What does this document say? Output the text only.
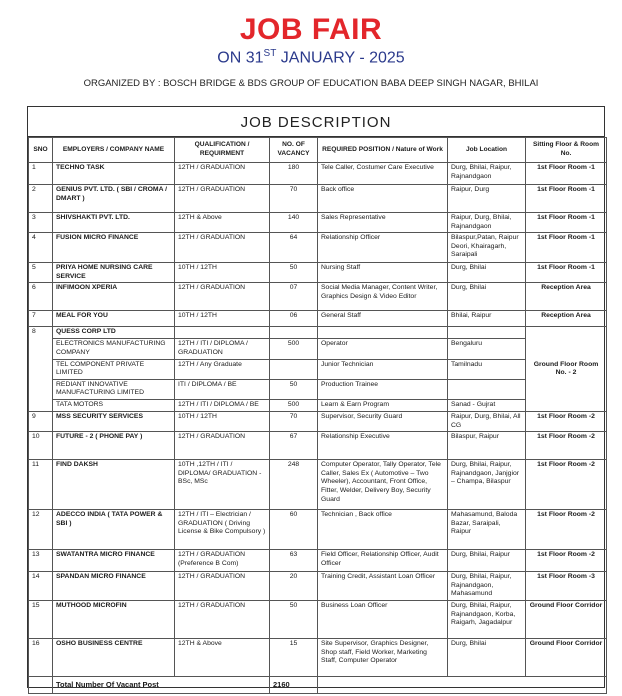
JOB FAIR
ON 31ST JANUARY - 2025
ORGANIZED BY : BOSCH BRIDGE & BDS GROUP OF EDUCATION BABA DEEP SINGH NAGAR, BHILAI
JOB DESCRIPTION
SNO	EMPLOYERS / COMPANY NAME	QUALIFICATION / REQUIRMENT	NO. OF VACANCY	REQUIRED POSITION / Nature of Work	Job Location	Sitting Floor & Room No.
1	TECHNO TASK	12TH / GRADUATION	180	Tele Caller, Costumer Care Executive	Durg, Bhilai, Raipur, Rajnandgaon	1st Floor Room -1
2	GENIUS PVT. LTD. ( SBI / CROMA / DMART )	12TH / GRADUATION	70	Back office	Raipur, Durg	1st Floor Room -1
3	SHIVSHAKTI PVT. LTD.	12TH & Above	140	Sales Representative	Raipur, Durg, Bhilai, Rajnandgaon	1st Floor Room -1
4	FUSION MICRO FINANCE	12TH / GRADUATION	64	Relationship Officer	Bilaspur,Patan, Raipur Deori, Khairagarh, Saraipali	1st Floor Room -1
5	PRIYA HOME NURSING CARE SERVICE	10TH / 12TH	50	Nursing Staff	Durg, Bhilai	1st Floor Room -1
6	INFIMOON XPERIA	12TH / GRADUATION	07	Social Media Manager, Content Writer, Graphics Design & Video Editor	Durg, Bhilai	Reception Area
7	MEAL FOR YOU	10TH / 12TH	06	General Staff	Bhilai, Raipur	Reception Area
8	QUESS CORP LTD					Ground Floor Room No. - 2
	ELECTRONICS MANUFACTURING COMPANY	12TH / ITI / DIPLOMA / GRADUATION	500	Operator	Bengaluru	
	TEL COMPONENT PRIVATE LIMITED	12TH / Any Graduate		Junior Technician	Tamilnadu	
	REDIANT INNOVATIVE MANUFACTURING LIMITED	ITI / DIPLOMA / BE	50	Production Trainee		
	TATA MOTORS	12TH / ITI / DIPLOMA / BE	500	Learn & Earn Program	Sanad - Gujrat	
9	MSS SECURITY SERVICES	10TH / 12TH	70	Supervisor, Security Guard	Raipur, Durg, Bhilai, All CG	1st Floor Room -2
10	FUTURE - 2 ( PHONE PAY )	12TH / GRADUATION	67	Relationship Executive	Bilaspur, Raipur	1st Floor Room -2
11	FIND DAKSH	10TH ,12TH / ITI / DIPLOMA/ GRADUATION - BSc, MSc	248	Computer Operator, Tally Operator, Tele Caller, Sales Ex ( Automotive – Two Wheeler), Accountant, Front Office, Fitter, Welder, Delivery Boy, Security Guard	Durg, Bhilai, Raipur, Rajnandgaon, Janjgior – Champa, Bilaspur	1st Floor Room -2
12	ADECCO INDIA ( TATA POWER & SBI )	12TH / ITI – Electrician / GRADUATION ( Driving License & Bike Compulsory )	60	Technician , Back office	Mahasamund, Baloda Bazar, Saraipali, Raipur	1st Floor Room -2
13	SWATANTRA MICRO FINANCE	12TH / GRADUATION (Preference B Com)	63	Field Officer, Relationship Officer, Audit Officer	Durg, Bhilai, Raipur	1st Floor Room -2
14	SPANDAN MICRO FINANCE	12TH / GRADUATION	20	Training Credit, Assistant Loan Officer	Durg, Bhilai, Raipur, Rajnandgaon, Mahasamund	1st Floor Room -3
15	MUTHOOD MICROFIN	12TH / GRADUATION	50	Business Loan Officer	Durg, Bhilai, Raipur, Rajnandgaon, Korba, Raigarh, Jagadalpur	Ground Floor Corridor
16	OSHO BUSINESS CENTRE	12TH & Above	15	Site Supervisor, Graphics Designer, Shop staff, Field Worker, Marketing Staff, Computer Operator	Durg, Bhilai	Ground Floor Corridor
	Total Number Of Vacant Post		2160			
